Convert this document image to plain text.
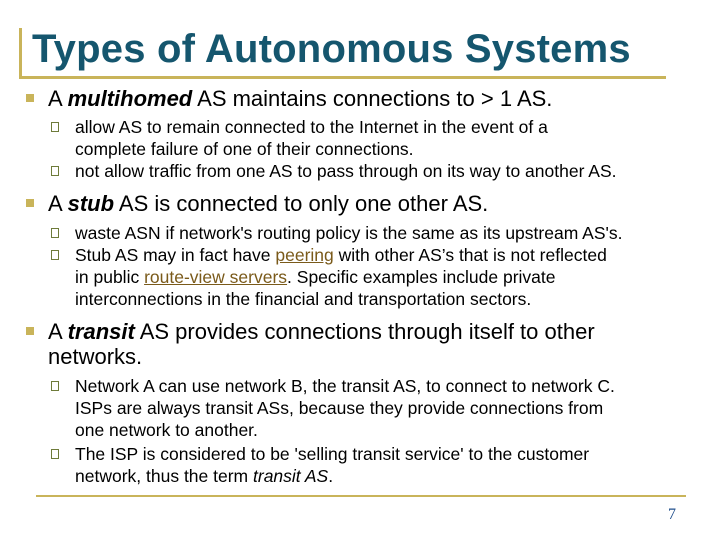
Types of Autonomous Systems
A multihomed AS maintains connections to > 1 AS.
allow AS to remain connected to the Internet in the event of a
complete failure of one of their connections.
not allow traffic from one AS to pass through on its way to another AS.
A stub AS is connected to only one other AS.
waste ASN if network's routing policy is the same as its upstream AS's.
Stub AS may in fact have peering with other AS’s that is not reflected
in public route-view servers. Specific examples include private
interconnections in the financial and transportation sectors.
A transit AS provides connections through itself to other
networks.
Network A can use network B, the transit AS, to connect to network C.
ISPs are always transit ASs, because they provide connections from
one network to another.
The ISP is considered to be 'selling transit service' to the customer
network, thus the term transit AS.
7
